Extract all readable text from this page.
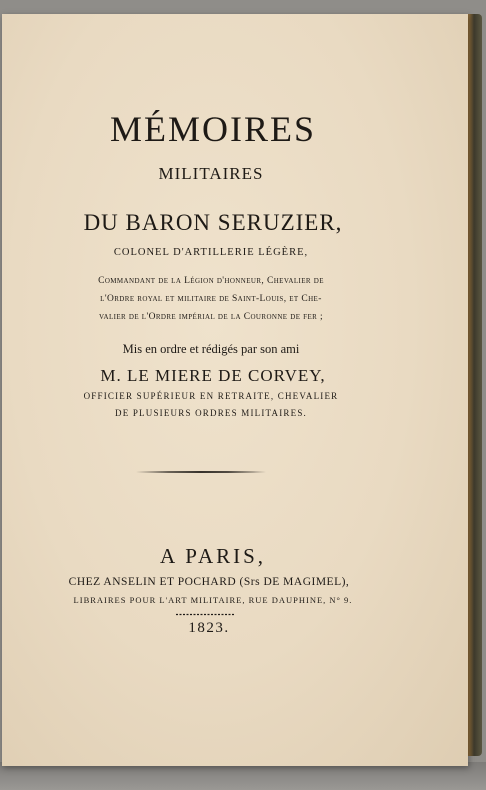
MÉMOIRES
MILITAIRES
DU BARON SERUZIER,
COLONEL D'ARTILLERIE LÉGÈRE,
Commandant de la Légion d'honneur, Chevalier de
l'Ordre royal et militaire de Saint-Louis, et Che-
valier de l'Ordre impérial de la Couronne de fer ;
Mis en ordre et rédigés par son ami
M. LE MIERE DE CORVEY,
OFFICIER SUPÉRIEUR EN RETRAITE, CHEVALIER
DE PLUSIEURS ORDRES MILITAIRES.
A PARIS,
CHEZ ANSELIN ET POCHARD (Srs DE MAGIMEL),
LIBRAIRES POUR L'ART MILITAIRE, RUE DAUPHINE, N° 9.
1823.
